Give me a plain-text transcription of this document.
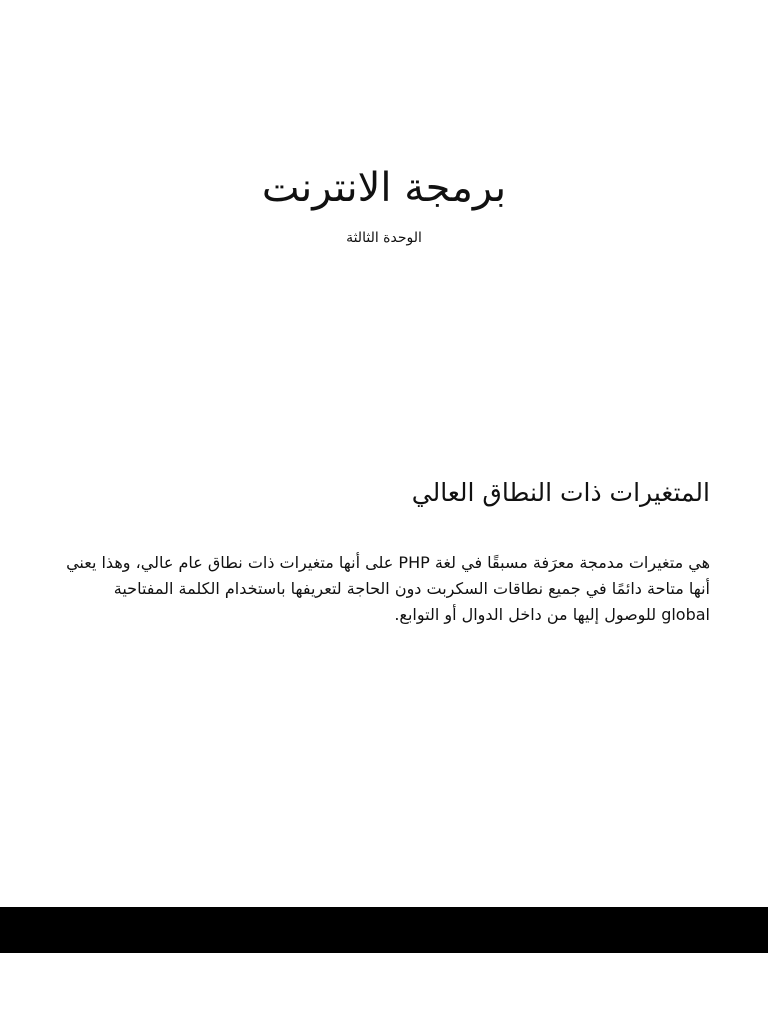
برمجة الانترنت

الوحدة الثالثة

المتغيرات ذات النطاق العالي

هي متغيرات مدمجة معرَفة مسبقًا في لغة PHP على أنها متغيرات ذات نطاق عام عالي، وهذا يعني أنها متاحة دائمًا في جميع نطاقات السكربت دون الحاجة لتعريفها باستخدام الكلمة المفتاحية global للوصول إليها من داخل الدوال أو التوابع.
